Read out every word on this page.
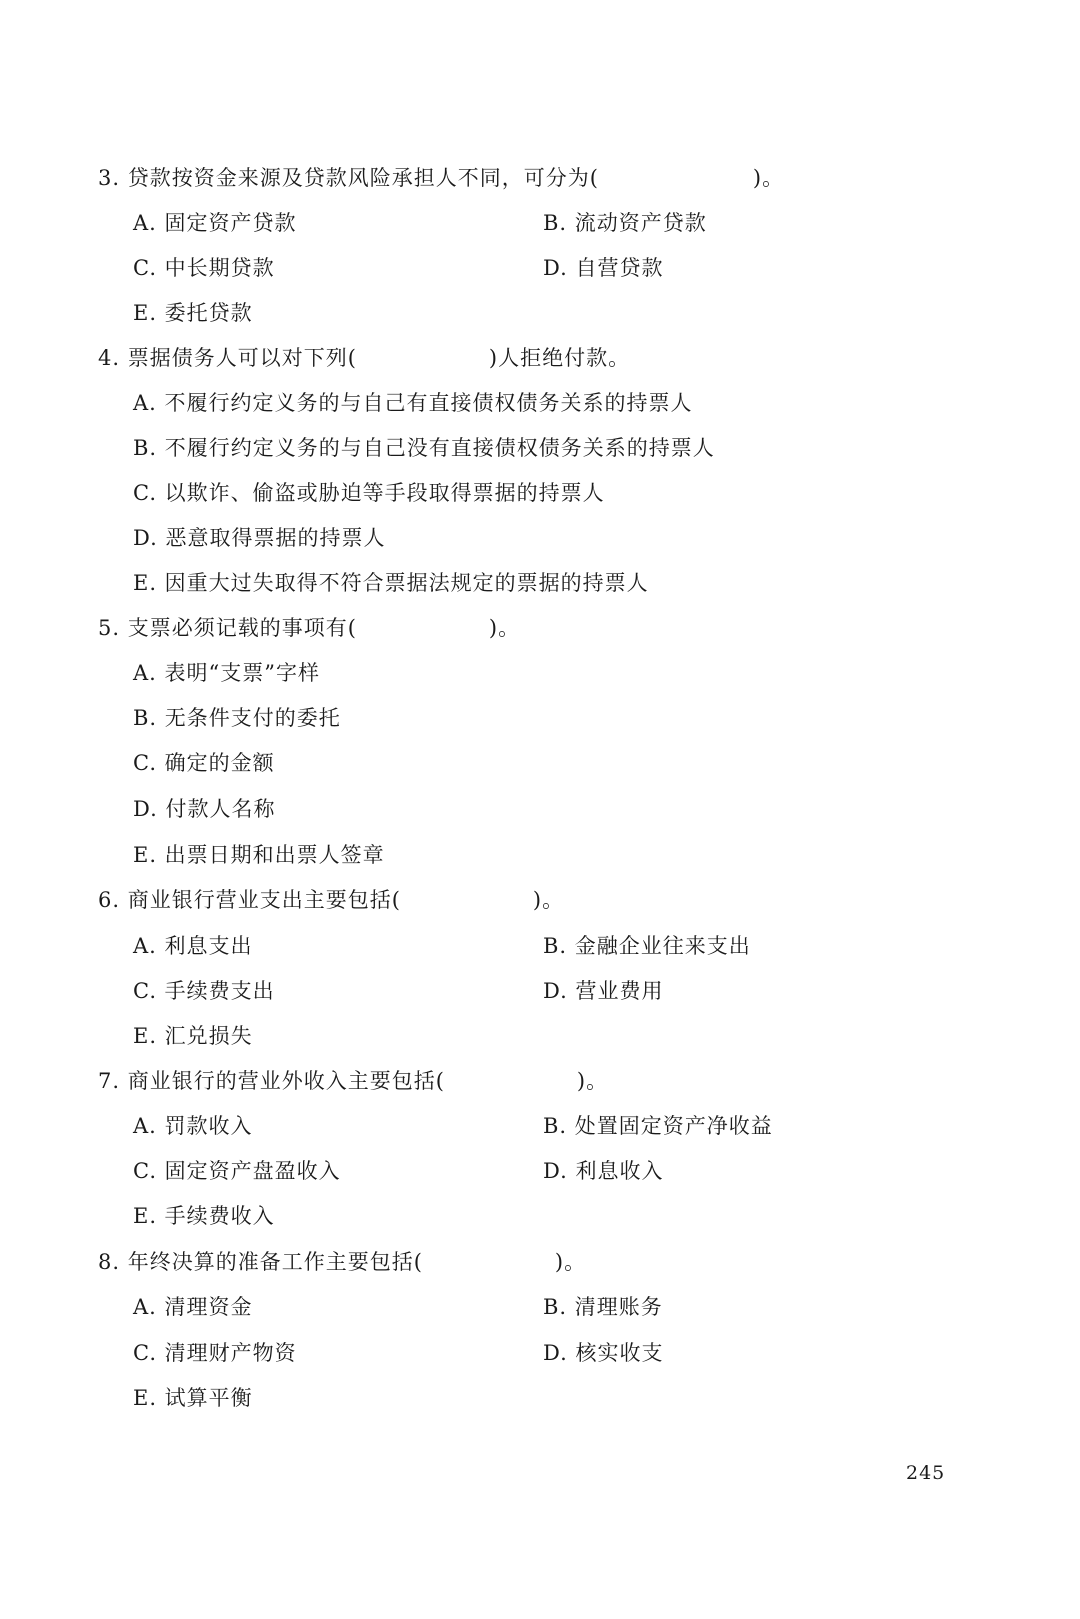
3. 贷款按资金来源及贷款风险承担人不同，可分为(　　　　　　　)。
A. 固定资产贷款	B. 流动资产贷款
C. 中长期贷款	D. 自营贷款
E. 委托贷款
4. 票据债务人可以对下列(　　　　　　)人拒绝付款。
A. 不履行约定义务的与自己有直接债权债务关系的持票人
B. 不履行约定义务的与自己没有直接债权债务关系的持票人
C. 以欺诈、偷盗或胁迫等手段取得票据的持票人
D. 恶意取得票据的持票人
E. 因重大过失取得不符合票据法规定的票据的持票人
5. 支票必须记载的事项有(　　　　　　)。
A. 表明“支票”字样
B. 无条件支付的委托
C. 确定的金额
D. 付款人名称
E. 出票日期和出票人签章
6. 商业银行营业支出主要包括(　　　　　　)。
A. 利息支出	B. 金融企业往来支出
C. 手续费支出	D. 营业费用
E. 汇兑损失
7. 商业银行的营业外收入主要包括(　　　　　　)。
A. 罚款收入	B. 处置固定资产净收益
C. 固定资产盘盈收入	D. 利息收入
E. 手续费收入
8. 年终决算的准备工作主要包括(　　　　　　)。
A. 清理资金	B. 清理账务
C. 清理财产物资	D. 核实收支
E. 试算平衡
245
